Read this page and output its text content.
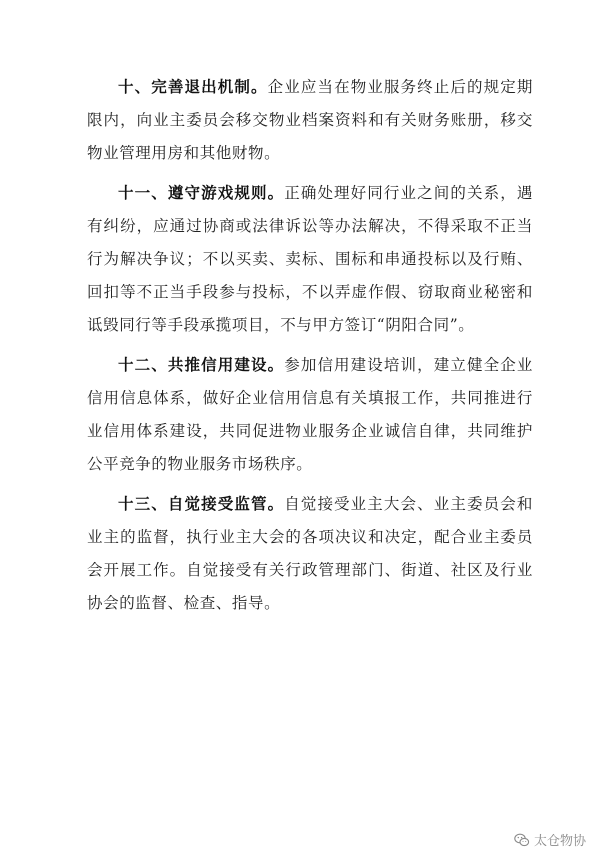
十、完善退出机制。企业应当在物业服务终止后的规定期限内，向业主委员会移交物业档案资料和有关财务账册，移交物业管理用房和其他财物。

十一、遵守游戏规则。正确处理好同行业之间的关系，遇有纠纷，应通过协商或法律诉讼等办法解决，不得采取不正当行为解决争议；不以买卖、卖标、围标和串通投标以及行贿、回扣等不正当手段参与投标，不以弄虚作假、窃取商业秘密和诋毁同行等手段承揽项目，不与甲方签订“阴阳合同”。

十二、共推信用建设。参加信用建设培训，建立健全企业信用信息体系，做好企业信用信息有关填报工作，共同推进行业信用体系建设，共同促进物业服务企业诚信自律，共同维护公平竞争的物业服务市场秩序。

十三、自觉接受监管。自觉接受业主大会、业主委员会和业主的监督，执行业主大会的各项决议和决定，配合业主委员会开展工作。自觉接受有关行政管理部门、街道、社区及行业协会的监督、检查、指导。

太仓物协
